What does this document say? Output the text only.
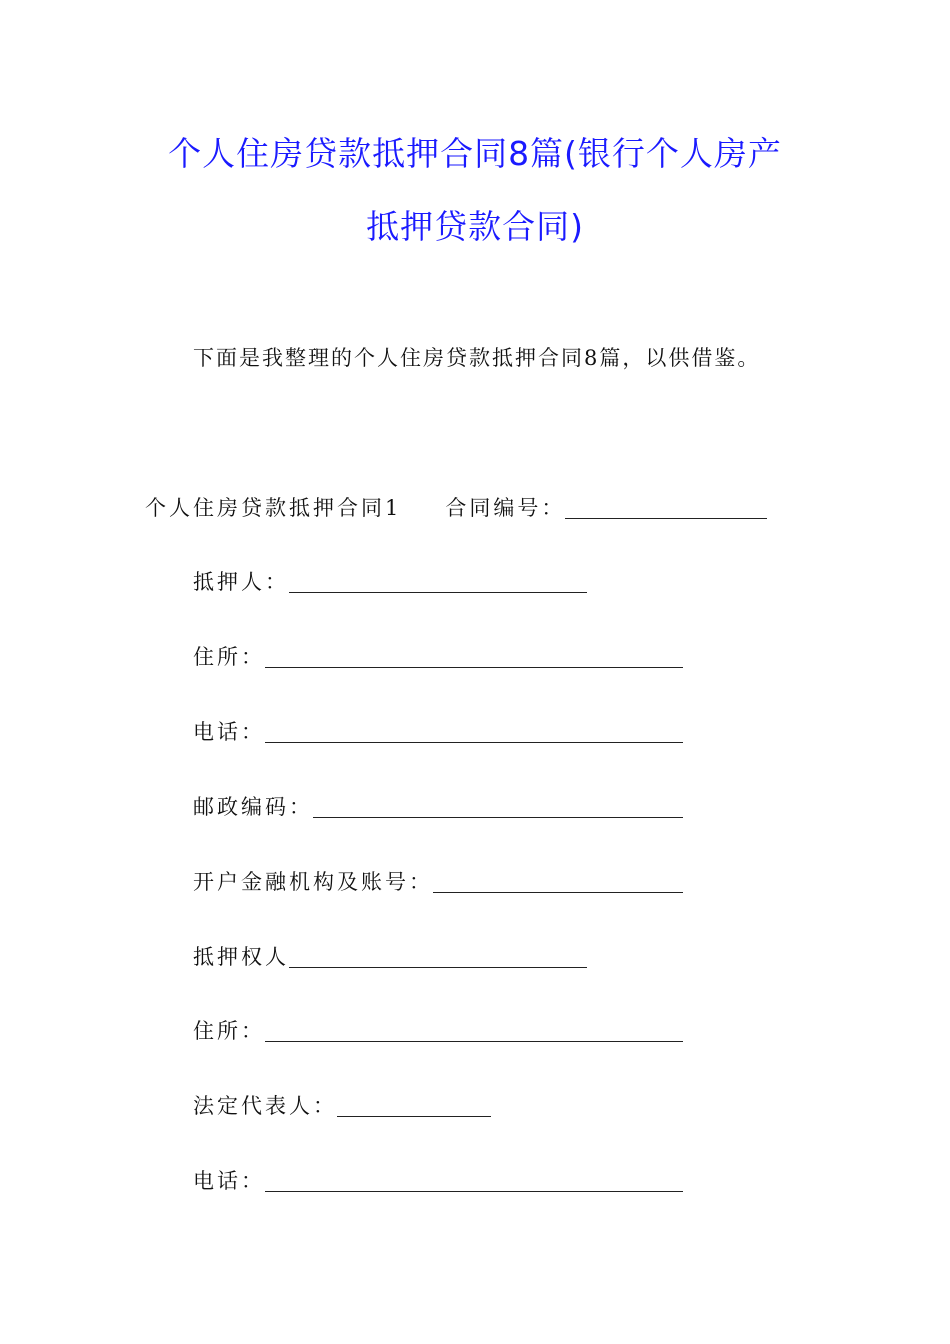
个人住房贷款抵押合同8篇(银行个人房产
抵押贷款合同)
下面是我整理的个人住房贷款抵押合同8篇，以供借鉴。
个人住房贷款抵押合同1 合同编号：
抵押人：
住所：
电话：
邮政编码：
开户金融机构及账号：
抵押权人
住所：
法定代表人：
电话：
